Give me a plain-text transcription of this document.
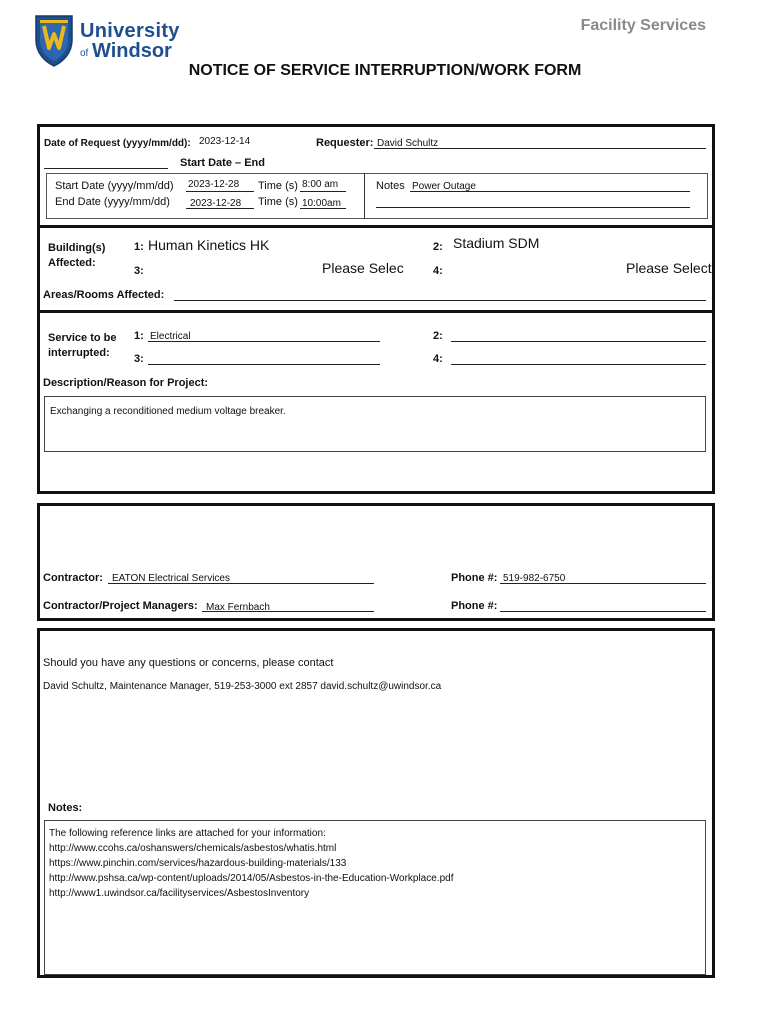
University
of Windsor
Facility Services
NOTICE OF SERVICE INTERRUPTION/WORK FORM
Date of Request (yyyy/mm/dd): 2023-12-14	Requester: David Schultz
Start Date – End
Start Date (yyyy/mm/dd) 2023-12-28 Time (s) 8:00 am
End Date (yyyy/mm/dd) 2023-12-28 Time (s) 10:00am
Notes Power Outage
Building(s)
Affected:
1: Human Kinetics HK	2: Stadium SDM
3:	Please Selec	4:	Please Select
Areas/Rooms Affected:
Service to be
interrupted:
1: Electrical	2:
3:	4:
Description/Reason for Project:
Exchanging a reconditioned medium voltage breaker.
Contractor: EATON Electrical Services	Phone #: 519-982-6750
Contractor/Project Managers: Max Fernbach	Phone #:
Should you have any questions or concerns, please contact
David Schultz, Maintenance Manager, 519-253-3000 ext 2857 david.schultz@uwindsor.ca
Notes:
The following reference links are attached for your information:
http://www.ccohs.ca/oshanswers/chemicals/asbestos/whatis.html
https://www.pinchin.com/services/hazardous-building-materials/133
http://www.pshsa.ca/wp-content/uploads/2014/05/Asbestos-in-the-Education-Workplace.pdf
http://www1.uwindsor.ca/facilityservices/AsbestosInventory
